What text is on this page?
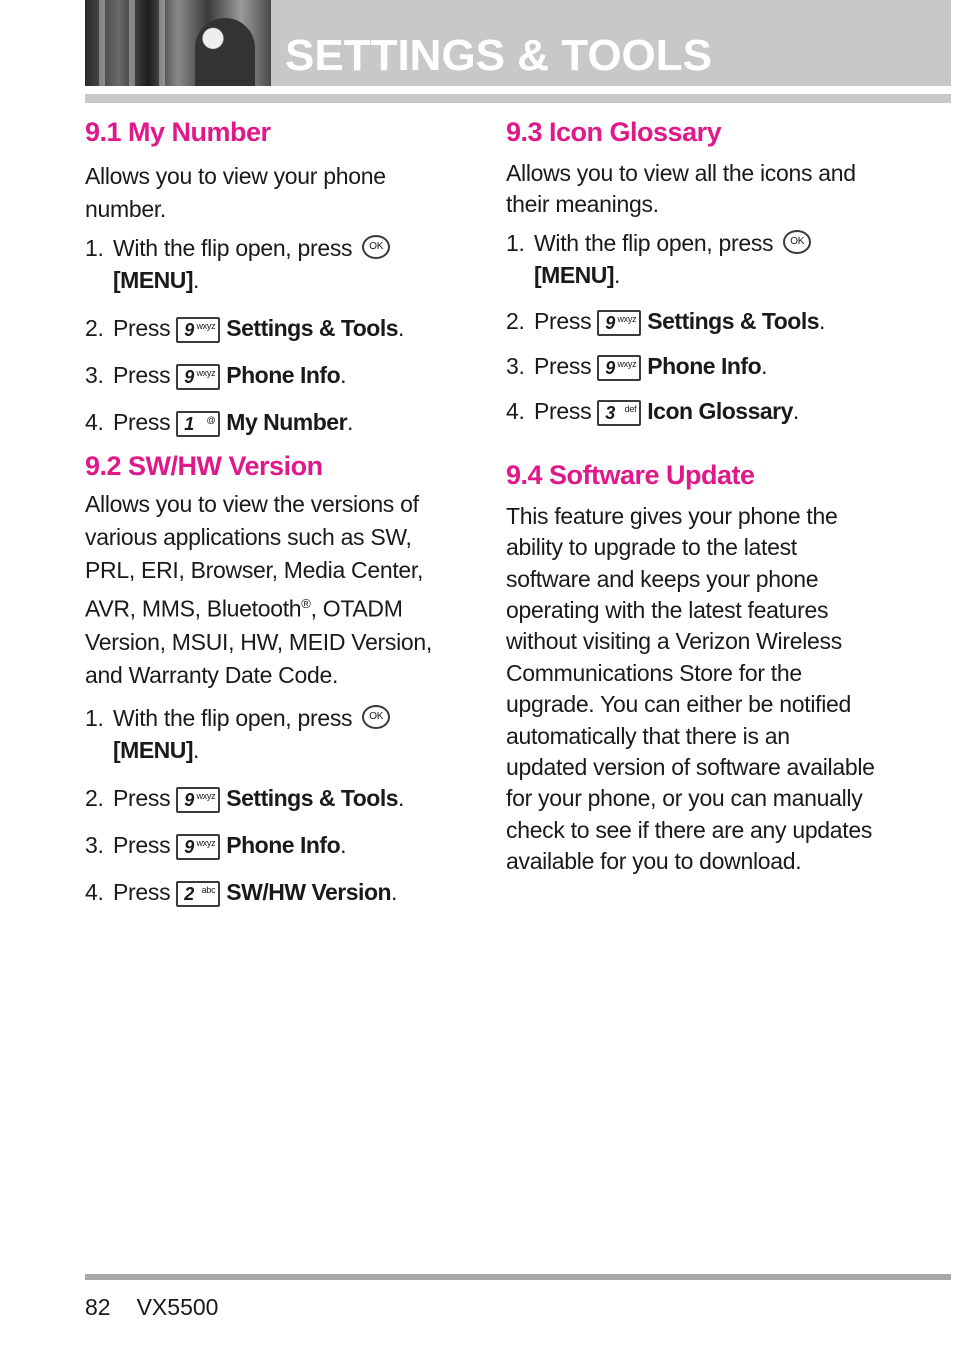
SETTINGS & TOOLS
9.1 My Number

Allows you to view your phone number.

1. With the flip open, press OK
[MENU].
2. Press 9 wxyz Settings & Tools.
3. Press 9 wxyz Phone Info.
4. Press 1 @ My Number.
9.2 SW/HW Version

Allows you to view the versions of various applications such as SW, PRL, ERI, Browser, Media Center, AVR, MMS, Bluetooth®, OTADM Version, MSUI, HW, MEID Version, and Warranty Date Code.

1. With the flip open, press OK
[MENU].
2. Press 9 wxyz Settings & Tools.
3. Press 9 wxyz Phone Info.
4. Press 2 abc SW/HW Version.
9.3 Icon Glossary

Allows you to view all the icons and their meanings.

1. With the flip open, press OK
[MENU].
2. Press 9 wxyz Settings & Tools.
3. Press 9 wxyz Phone Info.
4. Press 3 def Icon Glossary.
9.4 Software Update

This feature gives your phone the ability to upgrade to the latest software and keeps your phone operating with the latest features without visiting a Verizon Wireless Communications Store for the upgrade. You can either be notified automatically that there is an updated version of software available for your phone, or you can manually check to see if there are any updates available for you to download.

82 VX5500
